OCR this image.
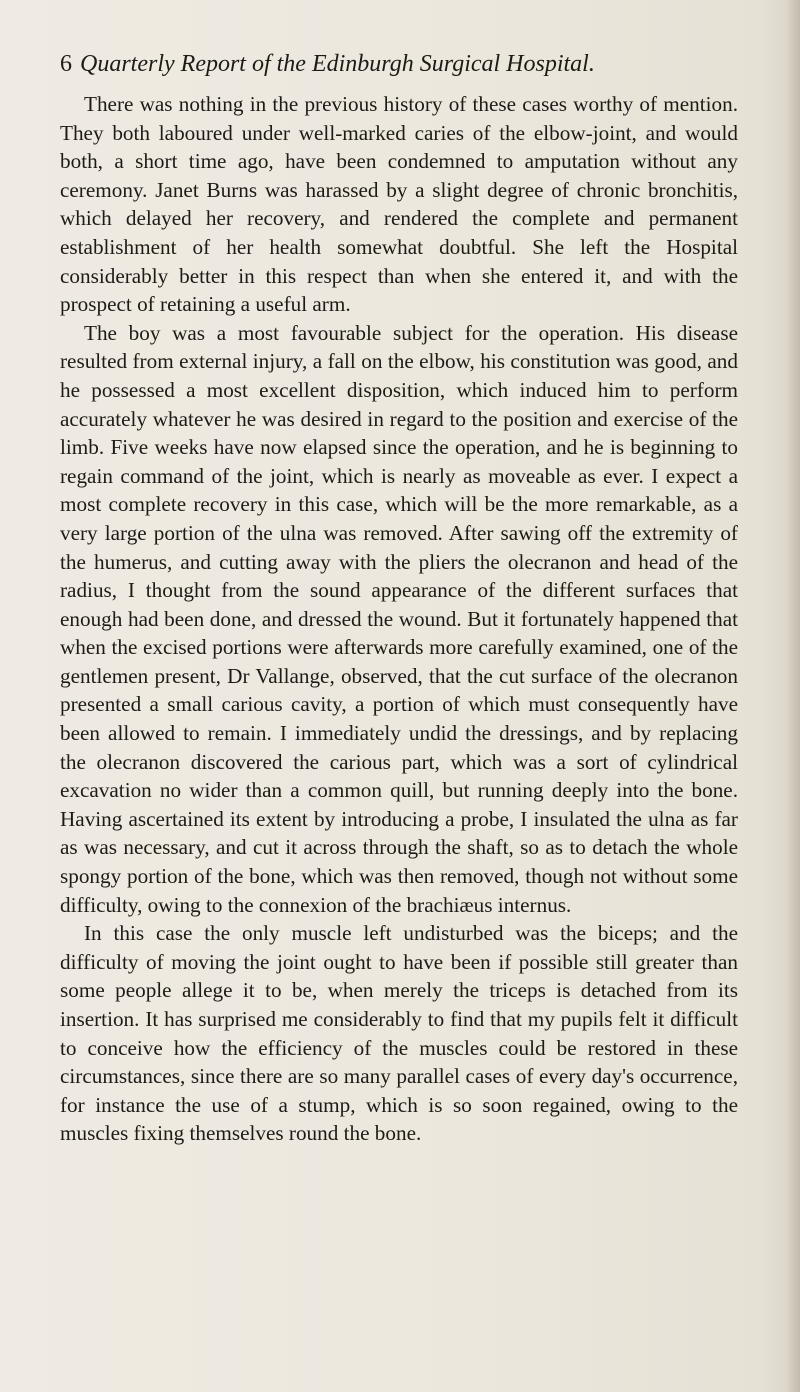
6 Quarterly Report of the Edinburgh Surgical Hospital.

There was nothing in the previous history of these cases worthy of mention. They both laboured under well-marked caries of the elbow-joint, and would both, a short time ago, have been condemned to amputation without any ceremony. Janet Burns was harassed by a slight degree of chronic bronchitis, which delayed her recovery, and rendered the complete and permanent establishment of her health somewhat doubtful. She left the Hospital considerably better in this respect than when she entered it, and with the prospect of retaining a useful arm.

The boy was a most favourable subject for the operation. His disease resulted from external injury, a fall on the elbow, his constitution was good, and he possessed a most excellent disposition, which induced him to perform accurately whatever he was desired in regard to the position and exercise of the limb. Five weeks have now elapsed since the operation, and he is beginning to regain command of the joint, which is nearly as moveable as ever. I expect a most complete recovery in this case, which will be the more remarkable, as a very large portion of the ulna was removed. After sawing off the extremity of the humerus, and cutting away with the pliers the olecranon and head of the radius, I thought from the sound appearance of the different surfaces that enough had been done, and dressed the wound. But it fortunately happened that when the excised portions were afterwards more carefully examined, one of the gentlemen present, Dr Vallange, observed, that the cut surface of the olecranon presented a small carious cavity, a portion of which must consequently have been allowed to remain. I immediately undid the dressings, and by replacing the olecranon discovered the carious part, which was a sort of cylindrical excavation no wider than a common quill, but running deeply into the bone. Having ascertained its extent by introducing a probe, I insulated the ulna as far as was necessary, and cut it across through the shaft, so as to detach the whole spongy portion of the bone, which was then removed, though not without some difficulty, owing to the connexion of the brachiæus internus.

In this case the only muscle left undisturbed was the biceps; and the difficulty of moving the joint ought to have been if possible still greater than some people allege it to be, when merely the triceps is detached from its insertion. It has surprised me considerably to find that my pupils felt it difficult to conceive how the efficiency of the muscles could be restored in these circumstances, since there are so many parallel cases of every day's occurrence, for instance the use of a stump, which is so soon regained, owing to the muscles fixing themselves round the bone.
